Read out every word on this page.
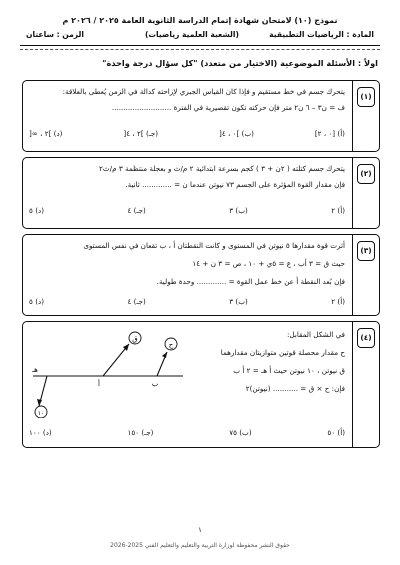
نموذج (١٠) لامتحان شهادة إتمام الدراسة الثانوية العامة ٢٠٢٥ / ٢٠٢٦ م
المادة : الرياضيات التطبيقية
(الشعبة العلمية رياضيات)
الزمن : ساعتان
اولاً : الأسئلة الموضوعية (الاختيار من متعدد) "كل سؤال درجة واحدة"
(١)
يتحرك جسم في خط مستقيم و فإذا كان القياس الجبري لإزاحته كدالة في الزمن يُعطى بالعلاقة:
ف = ن٣ – ٦ ن٢ متر فإن حركته تكون تقصيرية في الفترة ..........................
(أ) [٠ ، ٢]
(ب) ]٠ ، ٤[
(جـ) ]٢ ، ٤[
(د) ]٢ ، ∞[
(٢)
يتحرك جسم كتلته ( ٢ن + ٣ ) كجم بسرعة ابتدائية ٢ م/ث و بعجلة منتظمة ٣ م/ث٢
فإن مقدار القوة المؤثرة على الجسم ٧٣ نيوتن عندما ن = ............. ثانية.
(أ) ٢
(ب) ٣
(جـ) ٤
(د) ٥
(٣)
أثرت قوة مقدارها ٥ نيوتن في المستوى و كانت النقطتان أ ، ب تقعان في نفس المستوى
حيث ق = ٣ أب ، ع = ٥ي + ١٠ ، ص = ٣ ن + ١٤
فإن بُعد النقطة أ عن خط عمل القوة = ............. وحدة طولية.
(أ) ٢
(ب) ٣
(جـ) ٤
(د) ٥
(٤)
في الشكل المقابل:
ح مقدار محصلة قوتين متوازيتان مقدارهما
ق نيوتن ، ١٠ نيوتن حيث أ هـ = ٢ أ ب
فإن: ح × ق = ........... (نيوتن)٢
ق
ح
١٠
هـ
أ	ب
(أ) ٥٠
(ب) ٧٥
(جـ) ١٥٠
(د) ١٠٠
١
حقوق النشر محفوظة لوزارة التربية والتعليم والتعليم الفني 2025-2026
